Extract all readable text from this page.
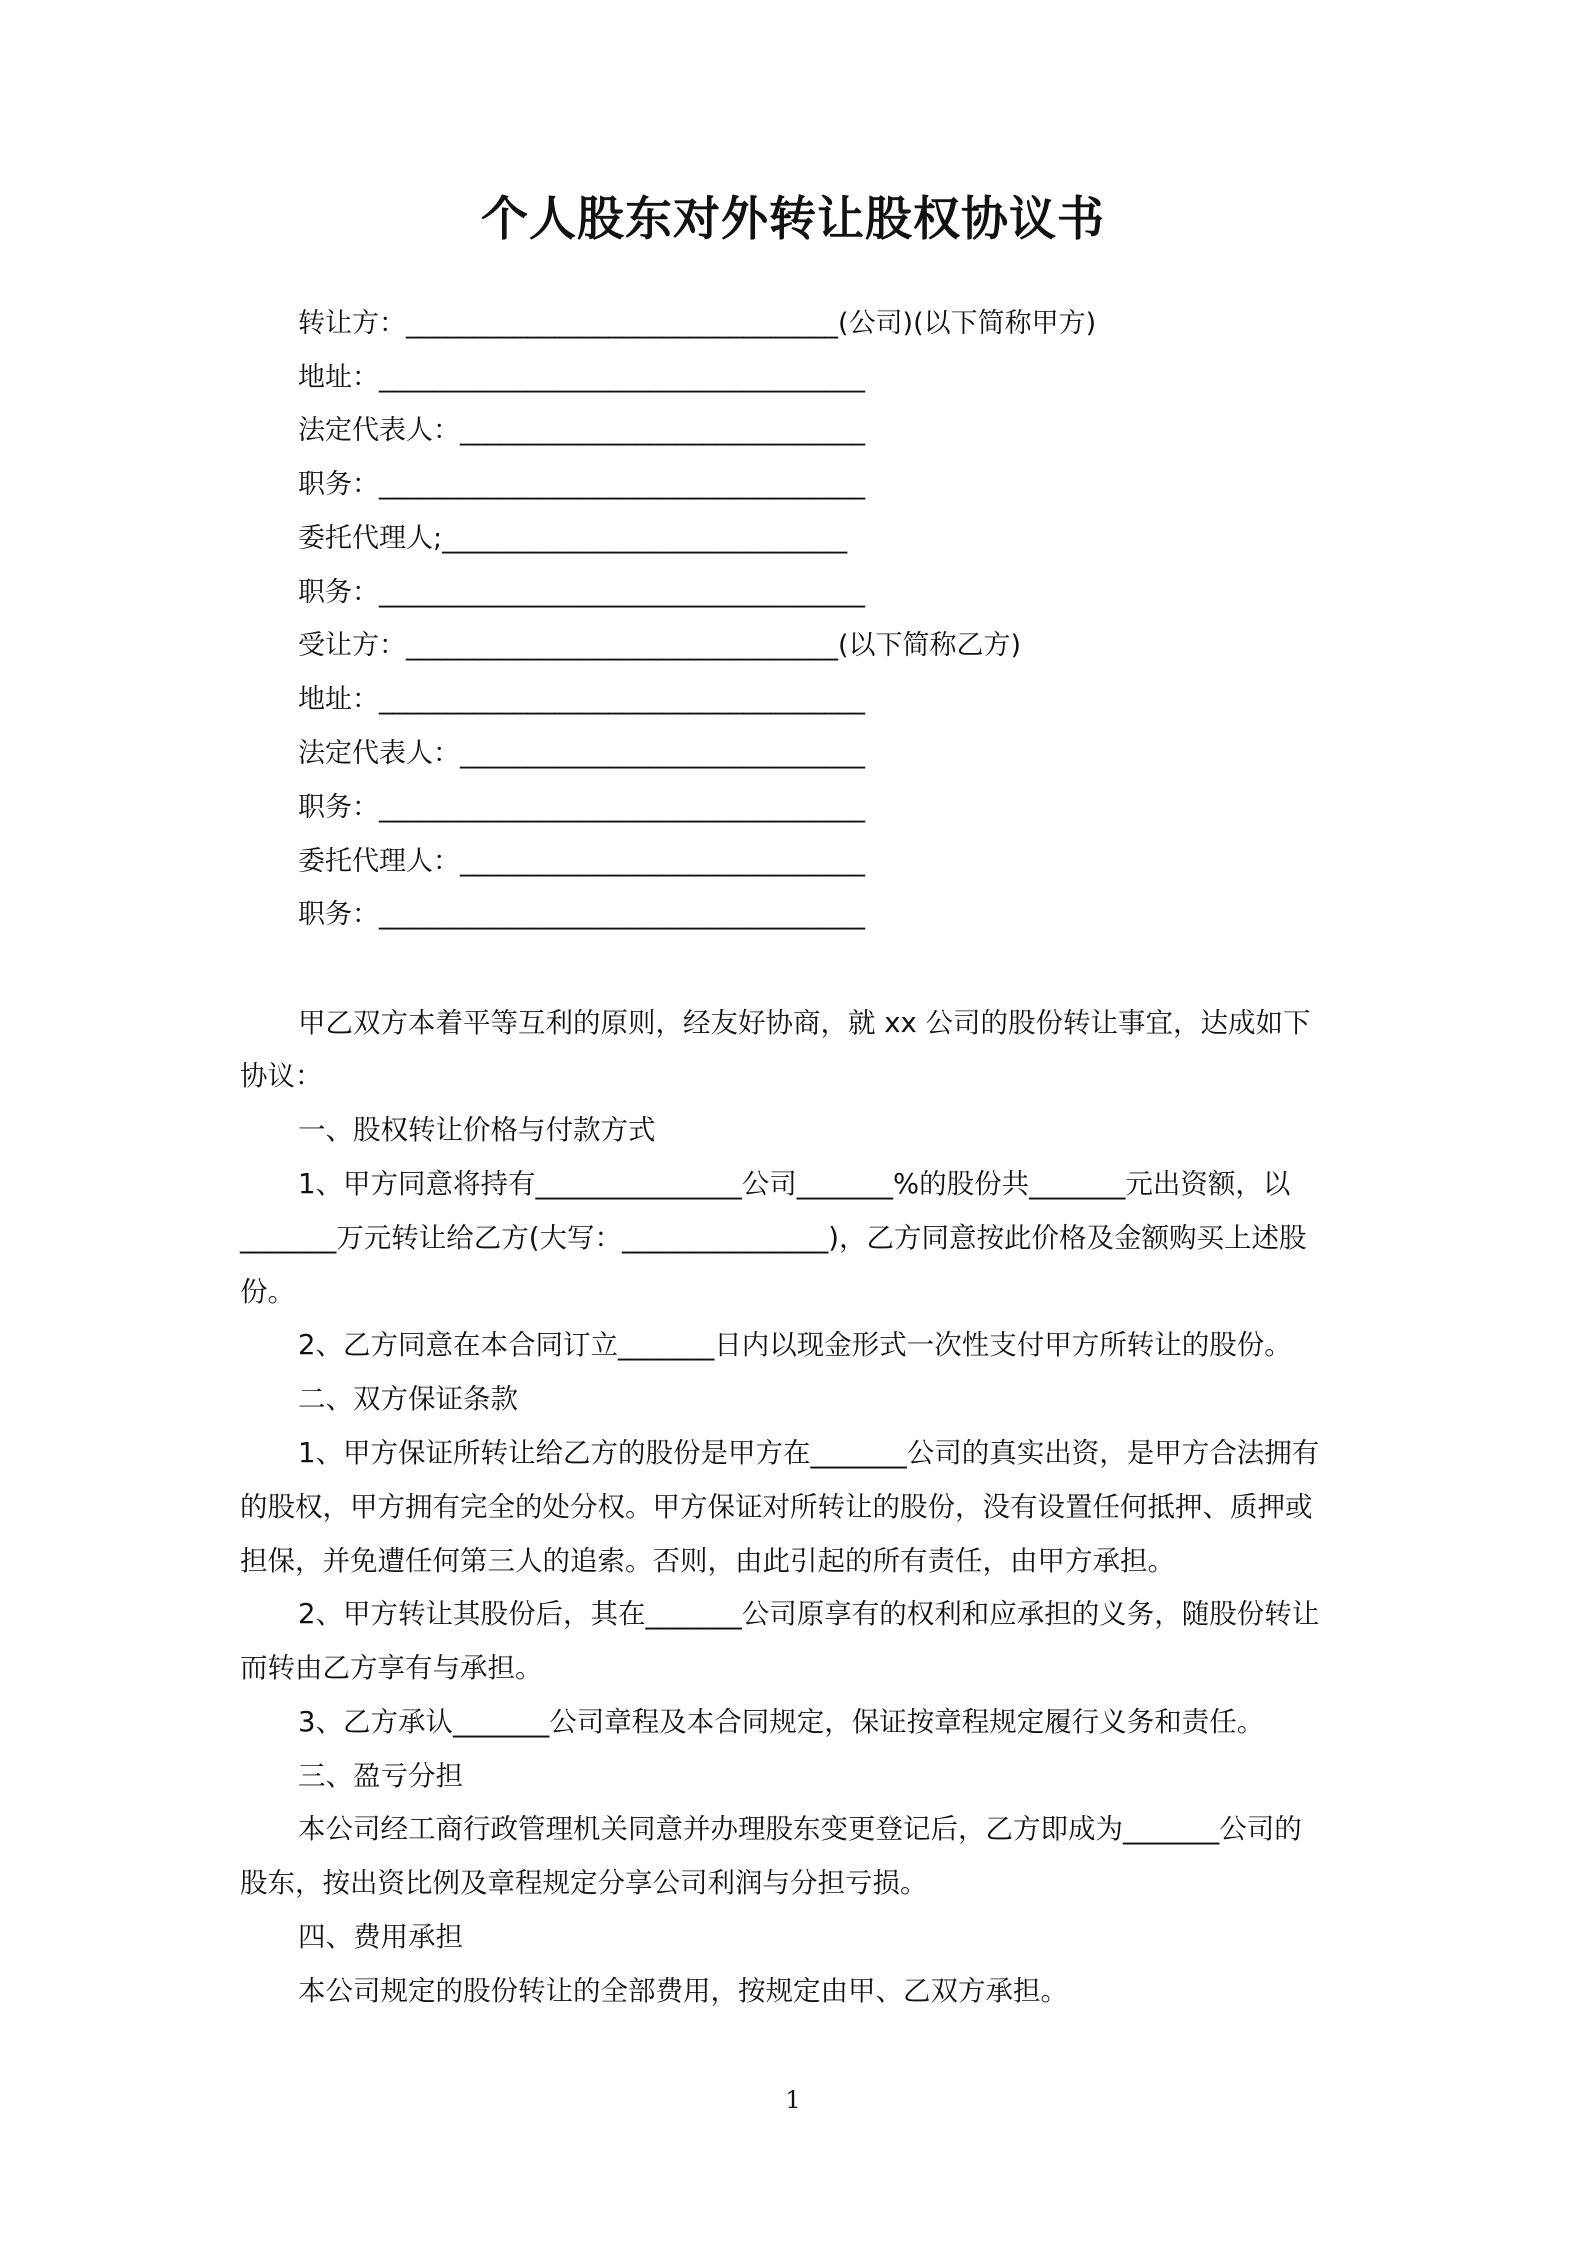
个人股东对外转让股权协议书
转让方：________________________________(公司)(以下简称甲方)
地址：____________________________________
法定代表人：______________________________
职务：____________________________________
委托代理人;______________________________
职务：____________________________________
受让方：________________________________(以下简称乙方)
地址：____________________________________
法定代表人：______________________________
职务：____________________________________
委托代理人：______________________________
职务：____________________________________
甲乙双方本着平等互利的原则，经友好协商，就 xx 公司的股份转让事宜，达成如下
协议：
一、股权转让价格与付款方式
1、甲方同意将持有_______________公司_______%的股份共_______元出资额，以
_______万元转让给乙方(大写：_______________)，乙方同意按此价格及金额购买上述股
份。
2、乙方同意在本合同订立_______日内以现金形式一次性支付甲方所转让的股份。
二、双方保证条款
1、甲方保证所转让给乙方的股份是甲方在_______公司的真实出资，是甲方合法拥有
的股权，甲方拥有完全的处分权。甲方保证对所转让的股份，没有设置任何抵押、质押或
担保，并免遭任何第三人的追索。否则，由此引起的所有责任，由甲方承担。
2、甲方转让其股份后，其在_______公司原享有的权利和应承担的义务，随股份转让
而转由乙方享有与承担。
3、乙方承认_______公司章程及本合同规定，保证按章程规定履行义务和责任。
三、盈亏分担
本公司经工商行政管理机关同意并办理股东变更登记后，乙方即成为_______公司的
股东，按出资比例及章程规定分享公司利润与分担亏损。
四、费用承担
本公司规定的股份转让的全部费用，按规定由甲、乙双方承担。
1
